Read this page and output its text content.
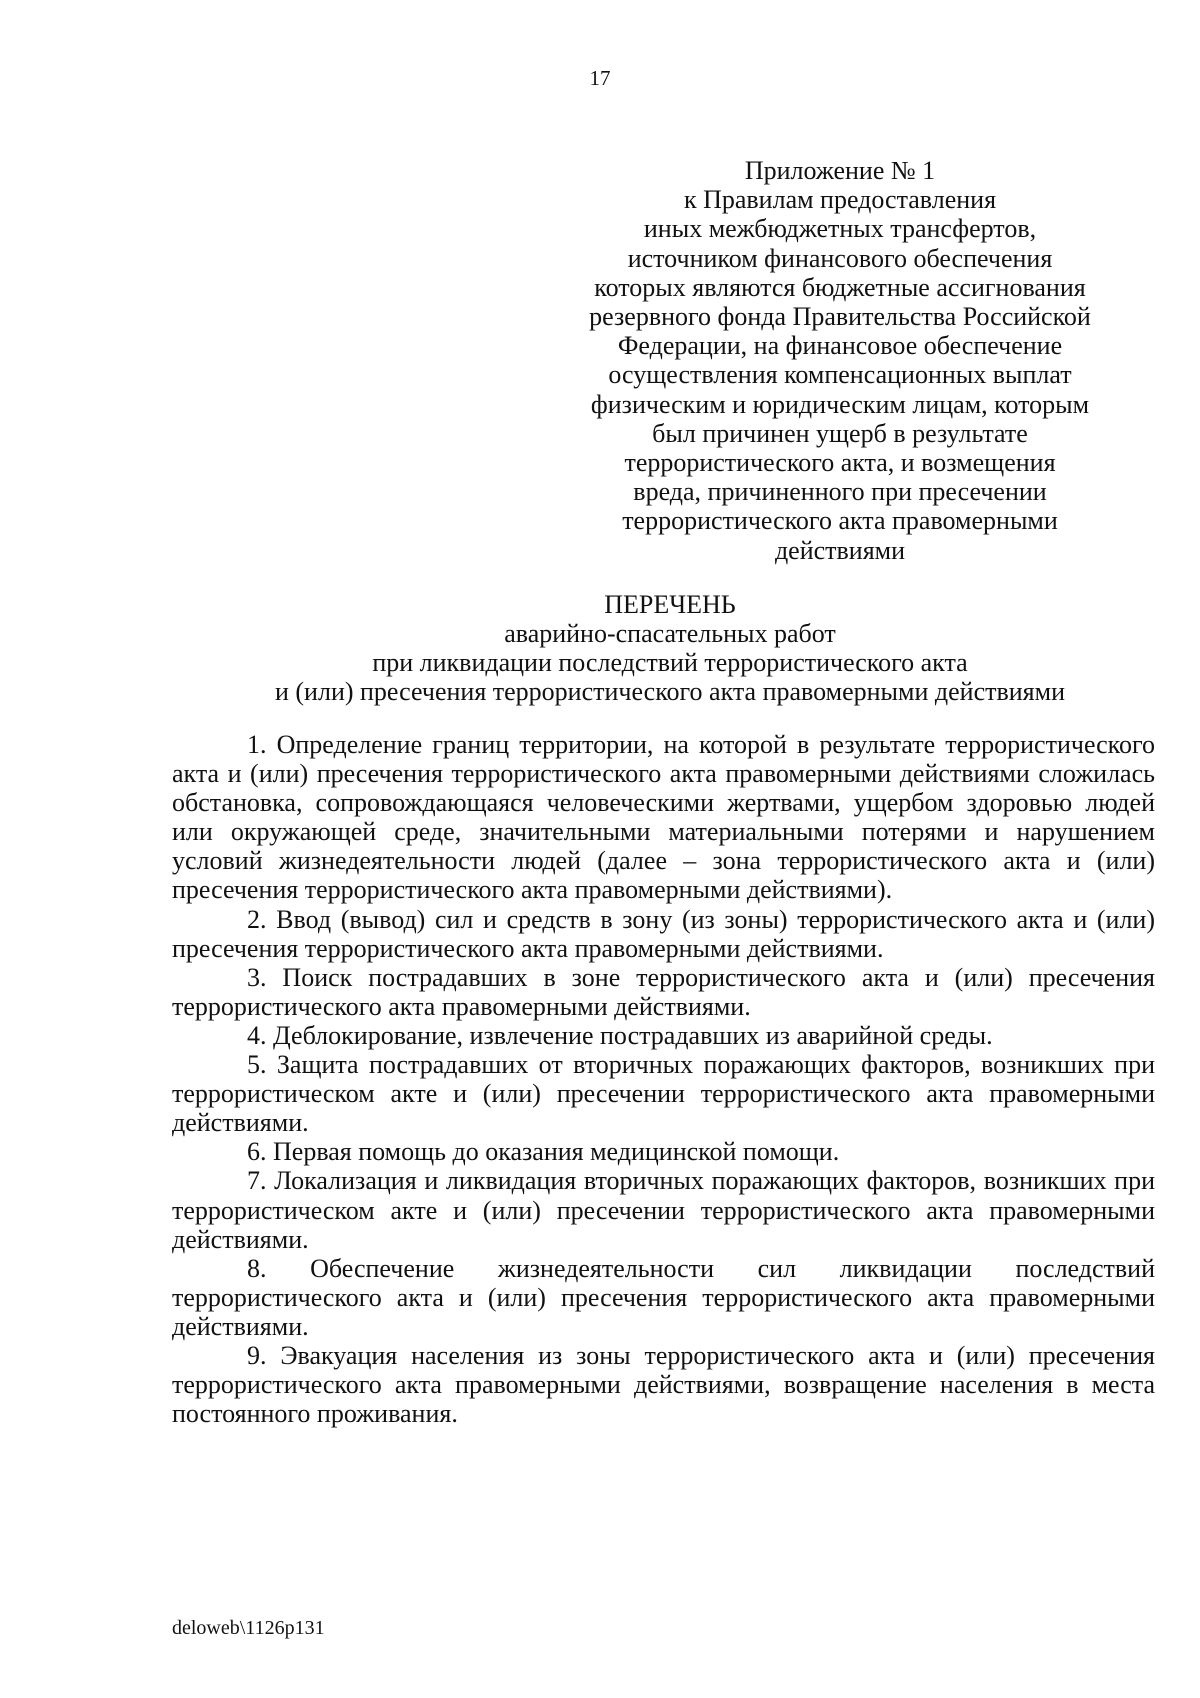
17
Приложение № 1
к Правилам предоставления
иных межбюджетных трансфертов,
источником финансового обеспечения
которых являются бюджетные ассигнования
резервного фонда Правительства Российской
Федерации, на финансовое обеспечение
осуществления компенсационных выплат
физическим и юридическим лицам, которым
был причинен ущерб в результате
террористического акта, и возмещения
вреда, причиненного при пресечении
террористического акта правомерными
действиями
ПЕРЕЧЕНЬ
аварийно-спасательных работ
при ликвидации последствий террористического акта
и (или) пресечения террористического акта правомерными действиями

1. Определение границ территории, на которой в результате террористического акта и (или) пресечения террористического акта правомерными действиями сложилась обстановка, сопровождающаяся человеческими жертвами, ущербом здоровью людей или окружающей среде, значительными материальными потерями и нарушением условий жизнедеятельности людей (далее – зона террористического акта и (или) пресечения террористического акта правомерными действиями).

2. Ввод (вывод) сил и средств в зону (из зоны) террористического акта и (или) пресечения террористического акта правомерными действиями.

3. Поиск пострадавших в зоне террористического акта и (или) пресечения террористического акта правомерными действиями.

4. Деблокирование, извлечение пострадавших из аварийной среды.

5. Защита пострадавших от вторичных поражающих факторов, возникших при террористическом акте и (или) пресечении террористического акта правомерными действиями.

6. Первая помощь до оказания медицинской помощи.

7. Локализация и ликвидация вторичных поражающих факторов, возникших при террористическом акте и (или) пресечении террористического акта правомерными действиями.

8. Обеспечение жизнедеятельности сил ликвидации последствий террористического акта и (или) пресечения террористического акта правомерными действиями.

9. Эвакуация населения из зоны террористического акта и (или) пресечения террористического акта правомерными действиями, возвращение населения в места постоянного проживания.

deloweb\1126p131
